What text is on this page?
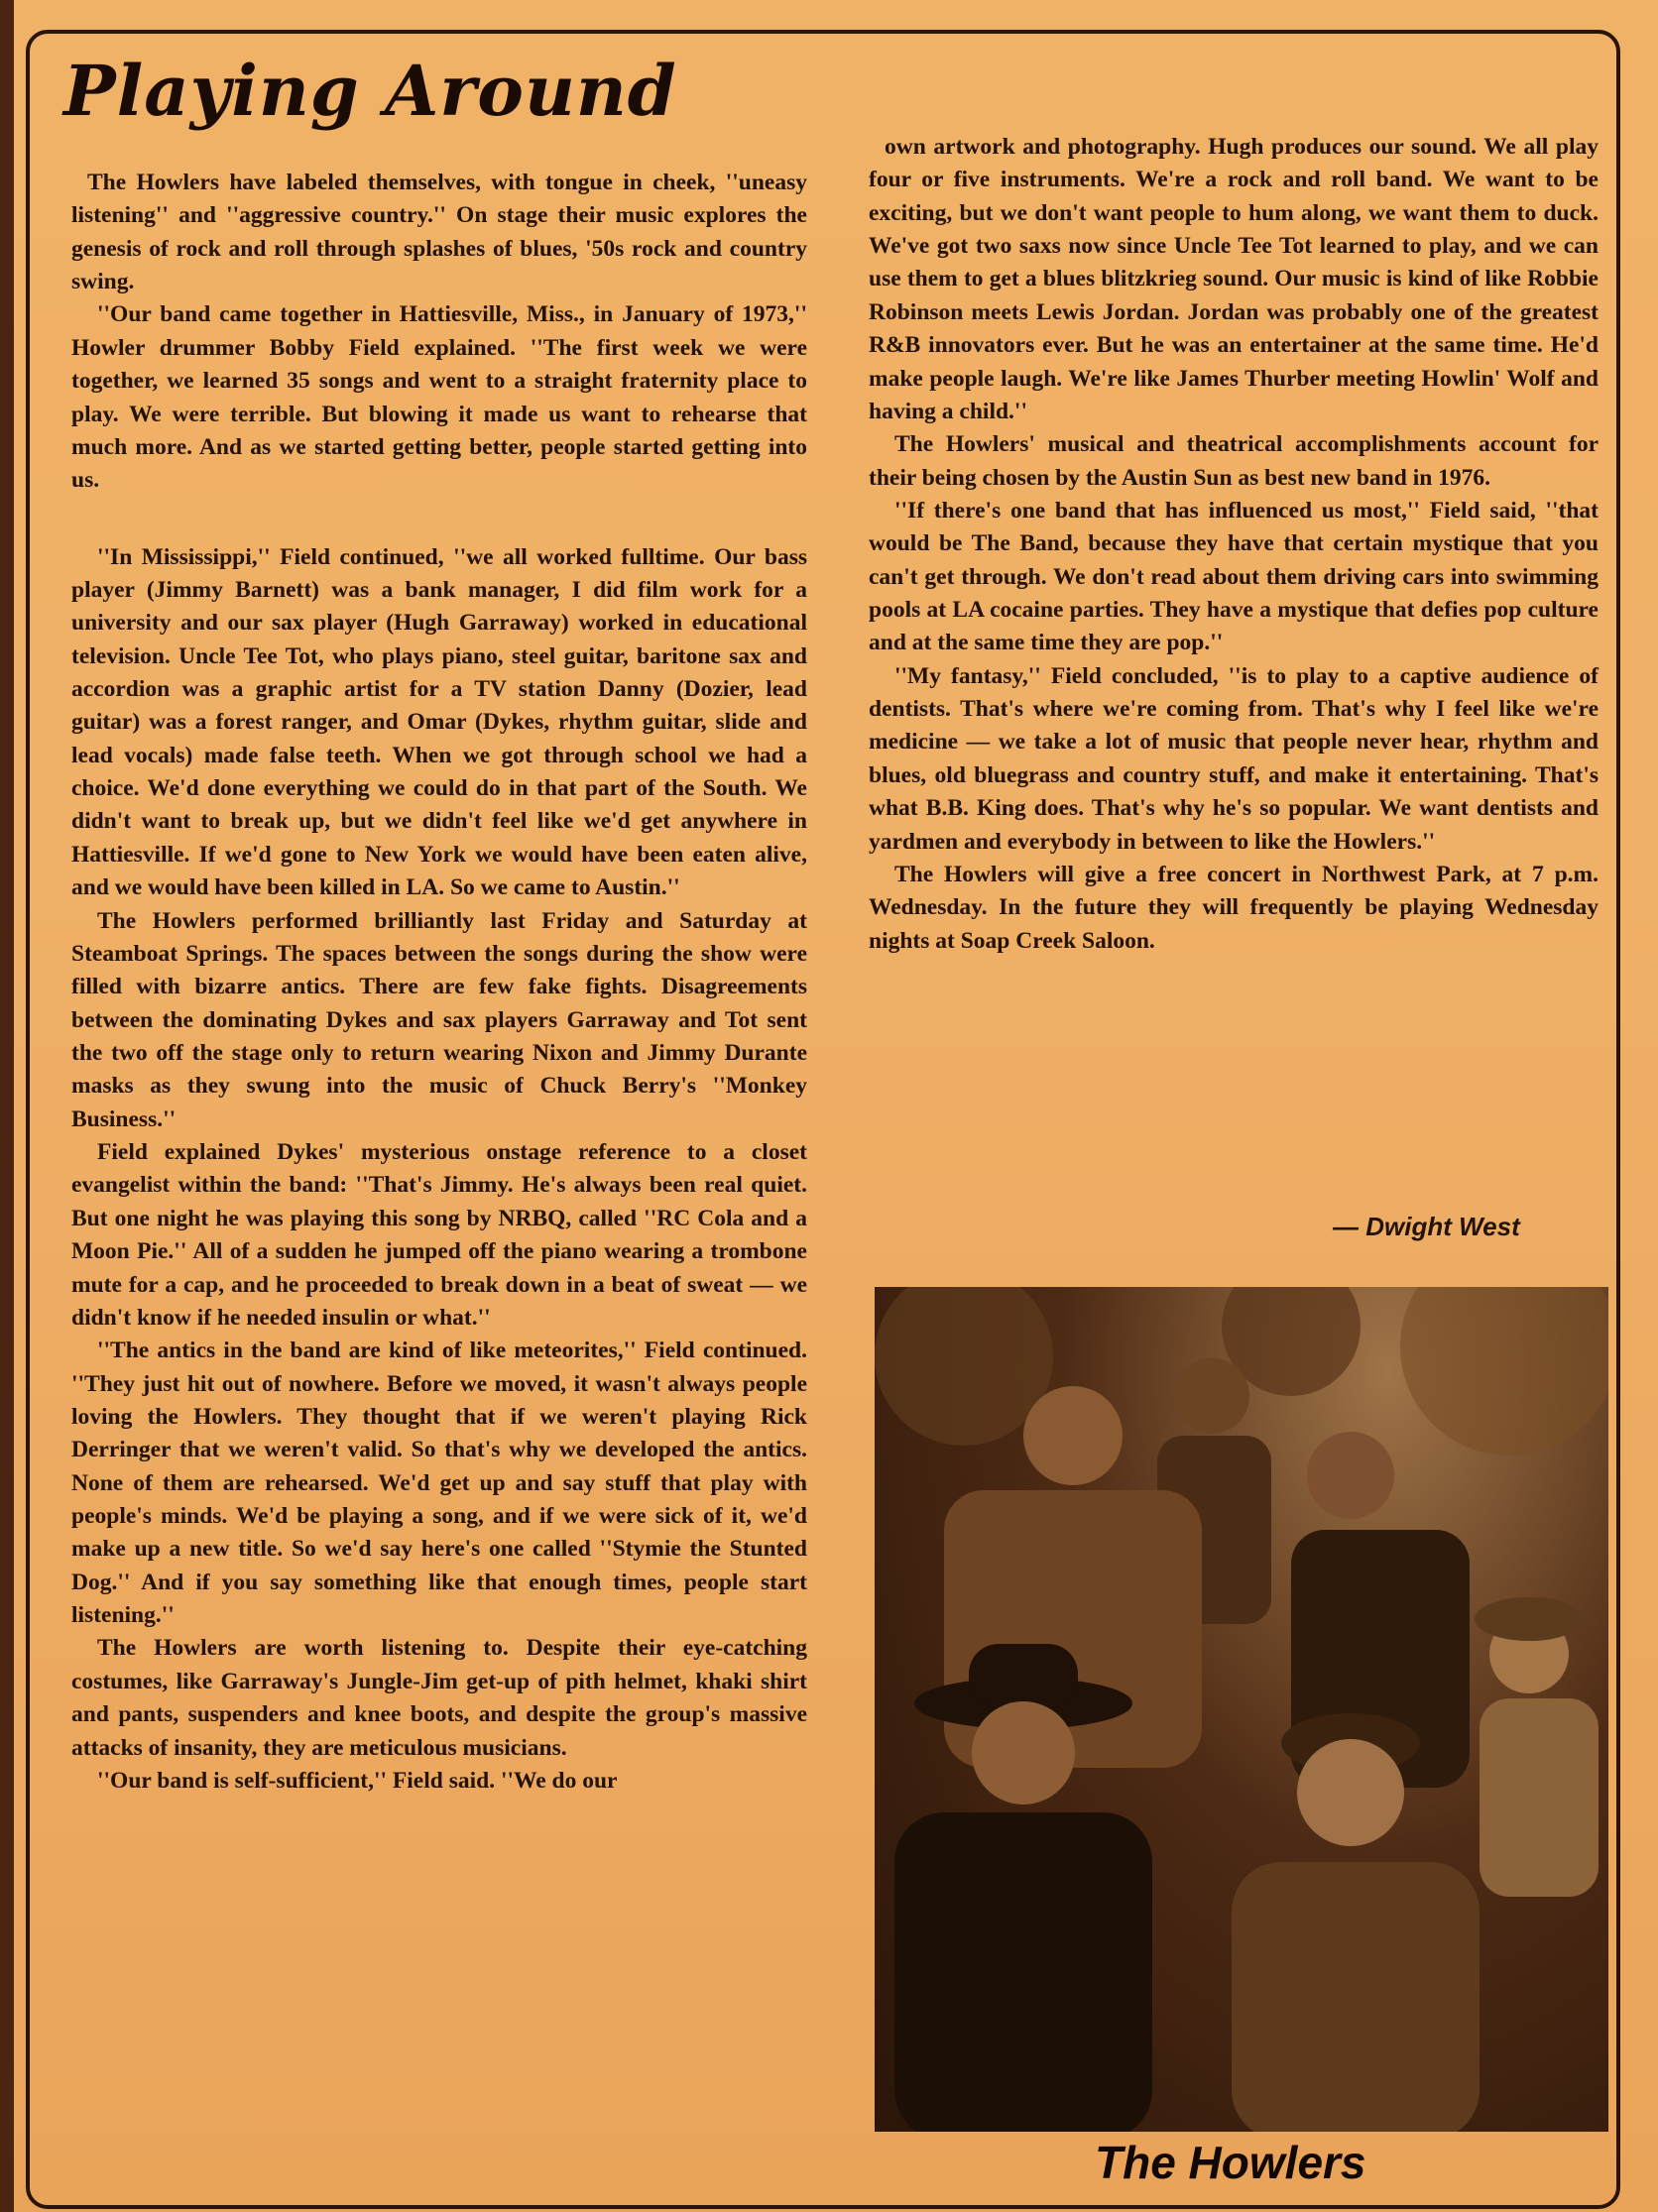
Playing Around

The Howlers have labeled themselves, with tongue in cheek, ''uneasy listening'' and ''aggressive country.'' On stage their music explores the genesis of rock and roll through splashes of blues, '50s rock and country swing.

''Our band came together in Hattiesville, Miss., in January of 1973,'' Howler drummer Bobby Field explained. ''The first week we were together, we learned 35 songs and went to a straight fraternity place to play. We were terrible. But blowing it made us want to rehearse that much more. And as we started getting better, people started getting into us.

''In Mississippi,'' Field continued, ''we all worked fulltime. Our bass player (Jimmy Barnett) was a bank manager, I did film work for a university and our sax player (Hugh Garraway) worked in educational television. Uncle Tee Tot, who plays piano, steel guitar, baritone sax and accordion was a graphic artist for a TV station Danny (Dozier, lead guitar) was a forest ranger, and Omar (Dykes, rhythm guitar, slide and lead vocals) made false teeth. When we got through school we had a choice. We'd done everything we could do in that part of the South. We didn't want to break up, but we didn't feel like we'd get anywhere in Hattiesville. If we'd gone to New York we would have been eaten alive, and we would have been killed in LA. So we came to Austin.''

The Howlers performed brilliantly last Friday and Saturday at Steamboat Springs. The spaces between the songs during the show were filled with bizarre antics. There are few fake fights. Disagreements between the dominating Dykes and sax players Garraway and Tot sent the two off the stage only to return wearing Nixon and Jimmy Durante masks as they swung into the music of Chuck Berry's ''Monkey Business.''

Field explained Dykes' mysterious onstage reference to a closet evangelist within the band: ''That's Jimmy. He's always been real quiet. But one night he was playing this song by NRBQ, called ''RC Cola and a Moon Pie.'' All of a sudden he jumped off the piano wearing a trombone mute for a cap, and he proceeded to break down in a beat of sweat — we didn't know if he needed insulin or what.''

''The antics in the band are kind of like meteorites,'' Field continued. ''They just hit out of nowhere. Before we moved, it wasn't always people loving the Howlers. They thought that if we weren't playing Rick Derringer that we weren't valid. So that's why we developed the antics. None of them are rehearsed. We'd get up and say stuff that play with people's minds. We'd be playing a song, and if we were sick of it, we'd make up a new title. So we'd say here's one called ''Stymie the Stunted Dog.'' And if you say something like that enough times, people start listening.''

The Howlers are worth listening to. Despite their eye-catching costumes, like Garraway's Jungle-Jim get-up of pith helmet, khaki shirt and pants, suspenders and knee boots, and despite the group's massive attacks of insanity, they are meticulous musicians.

''Our band is self-sufficient,'' Field said. ''We do our

own artwork and photography. Hugh produces our sound. We all play four or five instruments. We're a rock and roll band. We want to be exciting, but we don't want people to hum along, we want them to duck. We've got two saxs now since Uncle Tee Tot learned to play, and we can use them to get a blues blitzkrieg sound. Our music is kind of like Robbie Robinson meets Lewis Jordan. Jordan was probably one of the greatest R&B innovators ever. But he was an entertainer at the same time. He'd make people laugh. We're like James Thurber meeting Howlin' Wolf and having a child.''

The Howlers' musical and theatrical accomplishments account for their being chosen by the Austin Sun as best new band in 1976.

''If there's one band that has influenced us most,'' Field said, ''that would be The Band, because they have that certain mystique that you can't get through. We don't read about them driving cars into swimming pools at LA cocaine parties. They have a mystique that defies pop culture and at the same time they are pop.''

''My fantasy,'' Field concluded, ''is to play to a captive audience of dentists. That's where we're coming from. That's why I feel like we're medicine — we take a lot of music that people never hear, rhythm and blues, old bluegrass and country stuff, and make it entertaining. That's what B.B. King does. That's why he's so popular. We want dentists and yardmen and everybody in between to like the Howlers.''

The Howlers will give a free concert in Northwest Park, at 7 p.m. Wednesday. In the future they will frequently be playing Wednesday nights at Soap Creek Saloon.

— Dwight West

The Howlers
